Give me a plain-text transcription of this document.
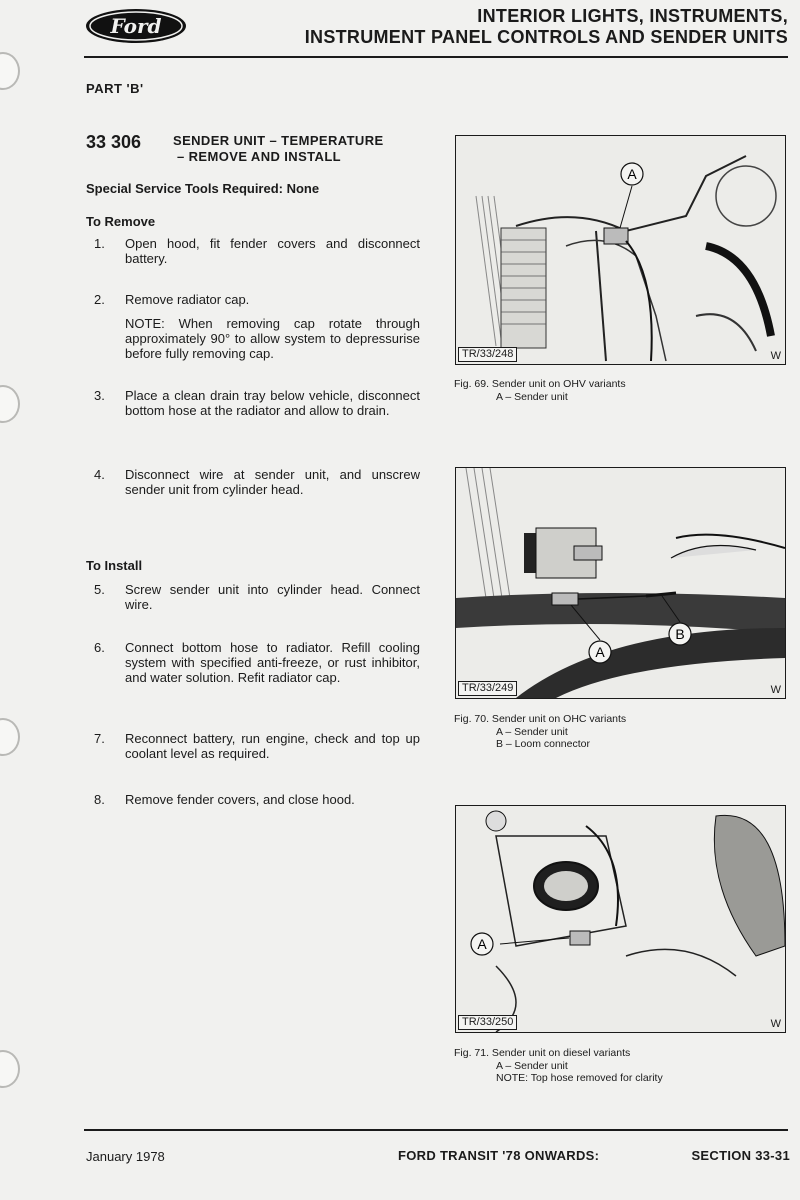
Ford	INTERIOR LIGHTS, INSTRUMENTS,
INSTRUMENT PANEL CONTROLS AND SENDER UNITS
PART 'B'
33 306 SENDER UNIT – TEMPERATURE
– REMOVE AND INSTALL
Special Service Tools Required: None
To Remove
1. Open hood, fit fender covers and disconnect battery.
2. Remove radiator cap.
NOTE: When removing cap rotate through approximately 90° to allow system to depressurise before fully removing cap.
3. Place a clean drain tray below vehicle, disconnect bottom hose at the radiator and allow to drain.
4. Disconnect wire at sender unit, and unscrew sender unit from cylinder head.
To Install
5. Screw sender unit into cylinder head. Connect wire.
6. Connect bottom hose to radiator. Refill cooling system with specified anti-freeze, or rust inhibitor, and water solution. Refit radiator cap.
7. Reconnect battery, run engine, check and top up coolant level as required.
8. Remove fender covers, and close hood.
A
TR/33/248	W
Fig. 69. Sender unit on OHV variants
A – Sender unit
A
B
TR/33/249	W
Fig. 70. Sender unit on OHC variants
A – Sender unit
B – Loom connector
A
TR/33/250	W
Fig. 71. Sender unit on diesel variants
A – Sender unit
NOTE: Top hose removed for clarity
January 1978	FORD TRANSIT '78 ONWARDS:	SECTION 33-31
